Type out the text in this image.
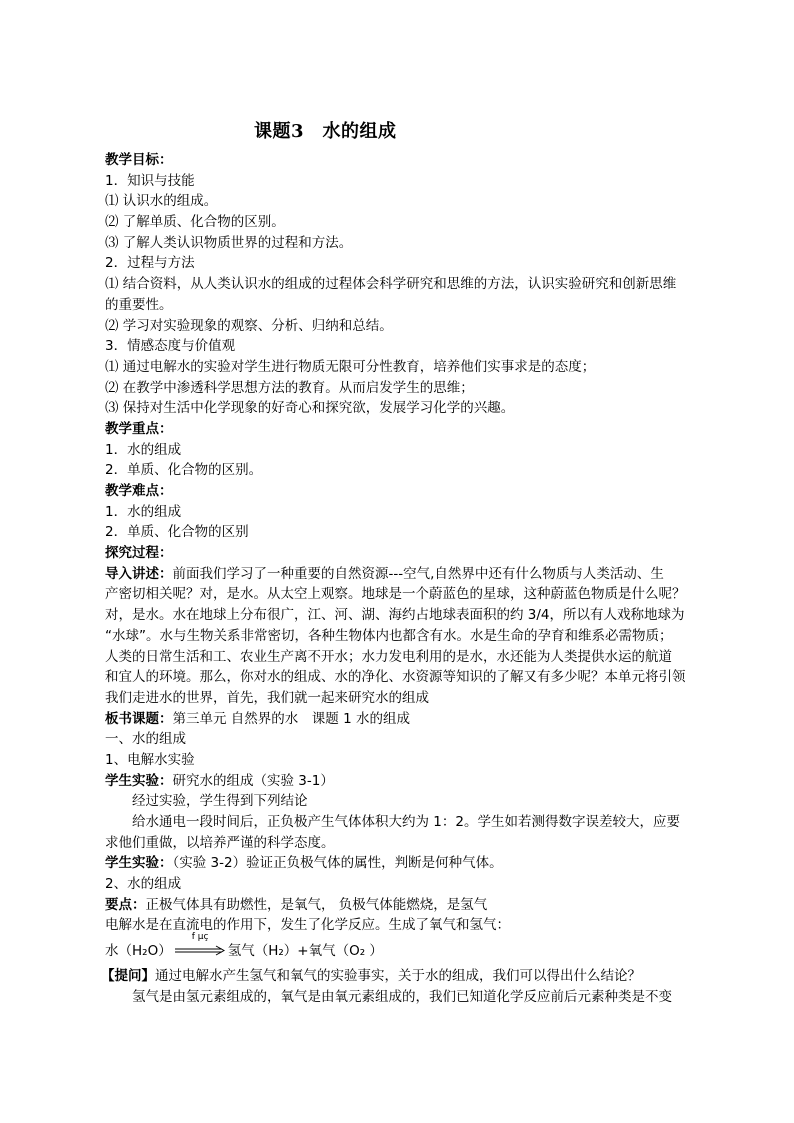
课题3　水的组成
教学目标：
1．知识与技能
⑴ 认识水的组成。
⑵ 了解单质、化合物的区别。
⑶ 了解人类认识物质世界的过程和方法。
2．过程与方法
⑴ 结合资料，从人类认识水的组成的过程体会科学研究和思维的方法，认识实验研究和创新思维
的重要性。
⑵ 学习对实验现象的观察、分析、归纳和总结。
3．情感态度与价值观
⑴ 通过电解水的实验对学生进行物质无限可分性教育，培养他们实事求是的态度；
⑵ 在教学中渗透科学思想方法的教育。从而启发学生的思维；
⑶ 保持对生活中化学现象的好奇心和探究欲，发展学习化学的兴趣。
教学重点：
1．水的组成
2．单质、化合物的区别。
教学难点：
1．水的组成
2．单质、化合物的区别
探究过程：
导入讲述：前面我们学习了一种重要的自然资源---空气,自然界中还有什么物质与人类活动、生
产密切相关呢？对，是水。从太空上观察。地球是一个蔚蓝色的星球，这种蔚蓝色物质是什么呢？
对，是水。水在地球上分布很广，江、河、湖、海约占地球表面积的约 3/4，所以有人戏称地球为
“水球”。水与生物关系非常密切，各种生物体内也都含有水。水是生命的孕育和维系必需物质；
人类的日常生活和工、农业生产离不开水；水力发电利用的是水，水还能为人类提供水运的航道
和宜人的环境。那么，你对水的组成、水的净化、水资源等知识的了解又有多少呢？本单元将引领
我们走进水的世界，首先，我们就一起来研究水的组成
板书课题：第三单元 自然界的水　课题 1 水的组成
一、水的组成
1、电解水实验
学生实验：研究水的组成（实验 3-1）
经过实验，学生得到下列结论
给水通电一段时间后，正负极产生气体体积大约为 1：2。学生如若测得数字误差较大，应要
求他们重做，以培养严谨的科学态度。
学生实验：（实验 3-2）验证正负极气体的属性，判断是何种气体。
2、水的组成
要点：正极气体具有助燃性，是氧气， 负极气体能燃烧，是氢气
电解水是在直流电的作用下，发生了化学反应。生成了氧气和氢气：
水（H₂O）
f μç
氢气（H₂）+氧气（O₂ ）
【提问】通过电解水产生氢气和氧气的实验事实，关于水的组成，我们可以得出什么结论？
氢气是由氢元素组成的，氧气是由氧元素组成的，我们已知道化学反应前后元素种类是不变
